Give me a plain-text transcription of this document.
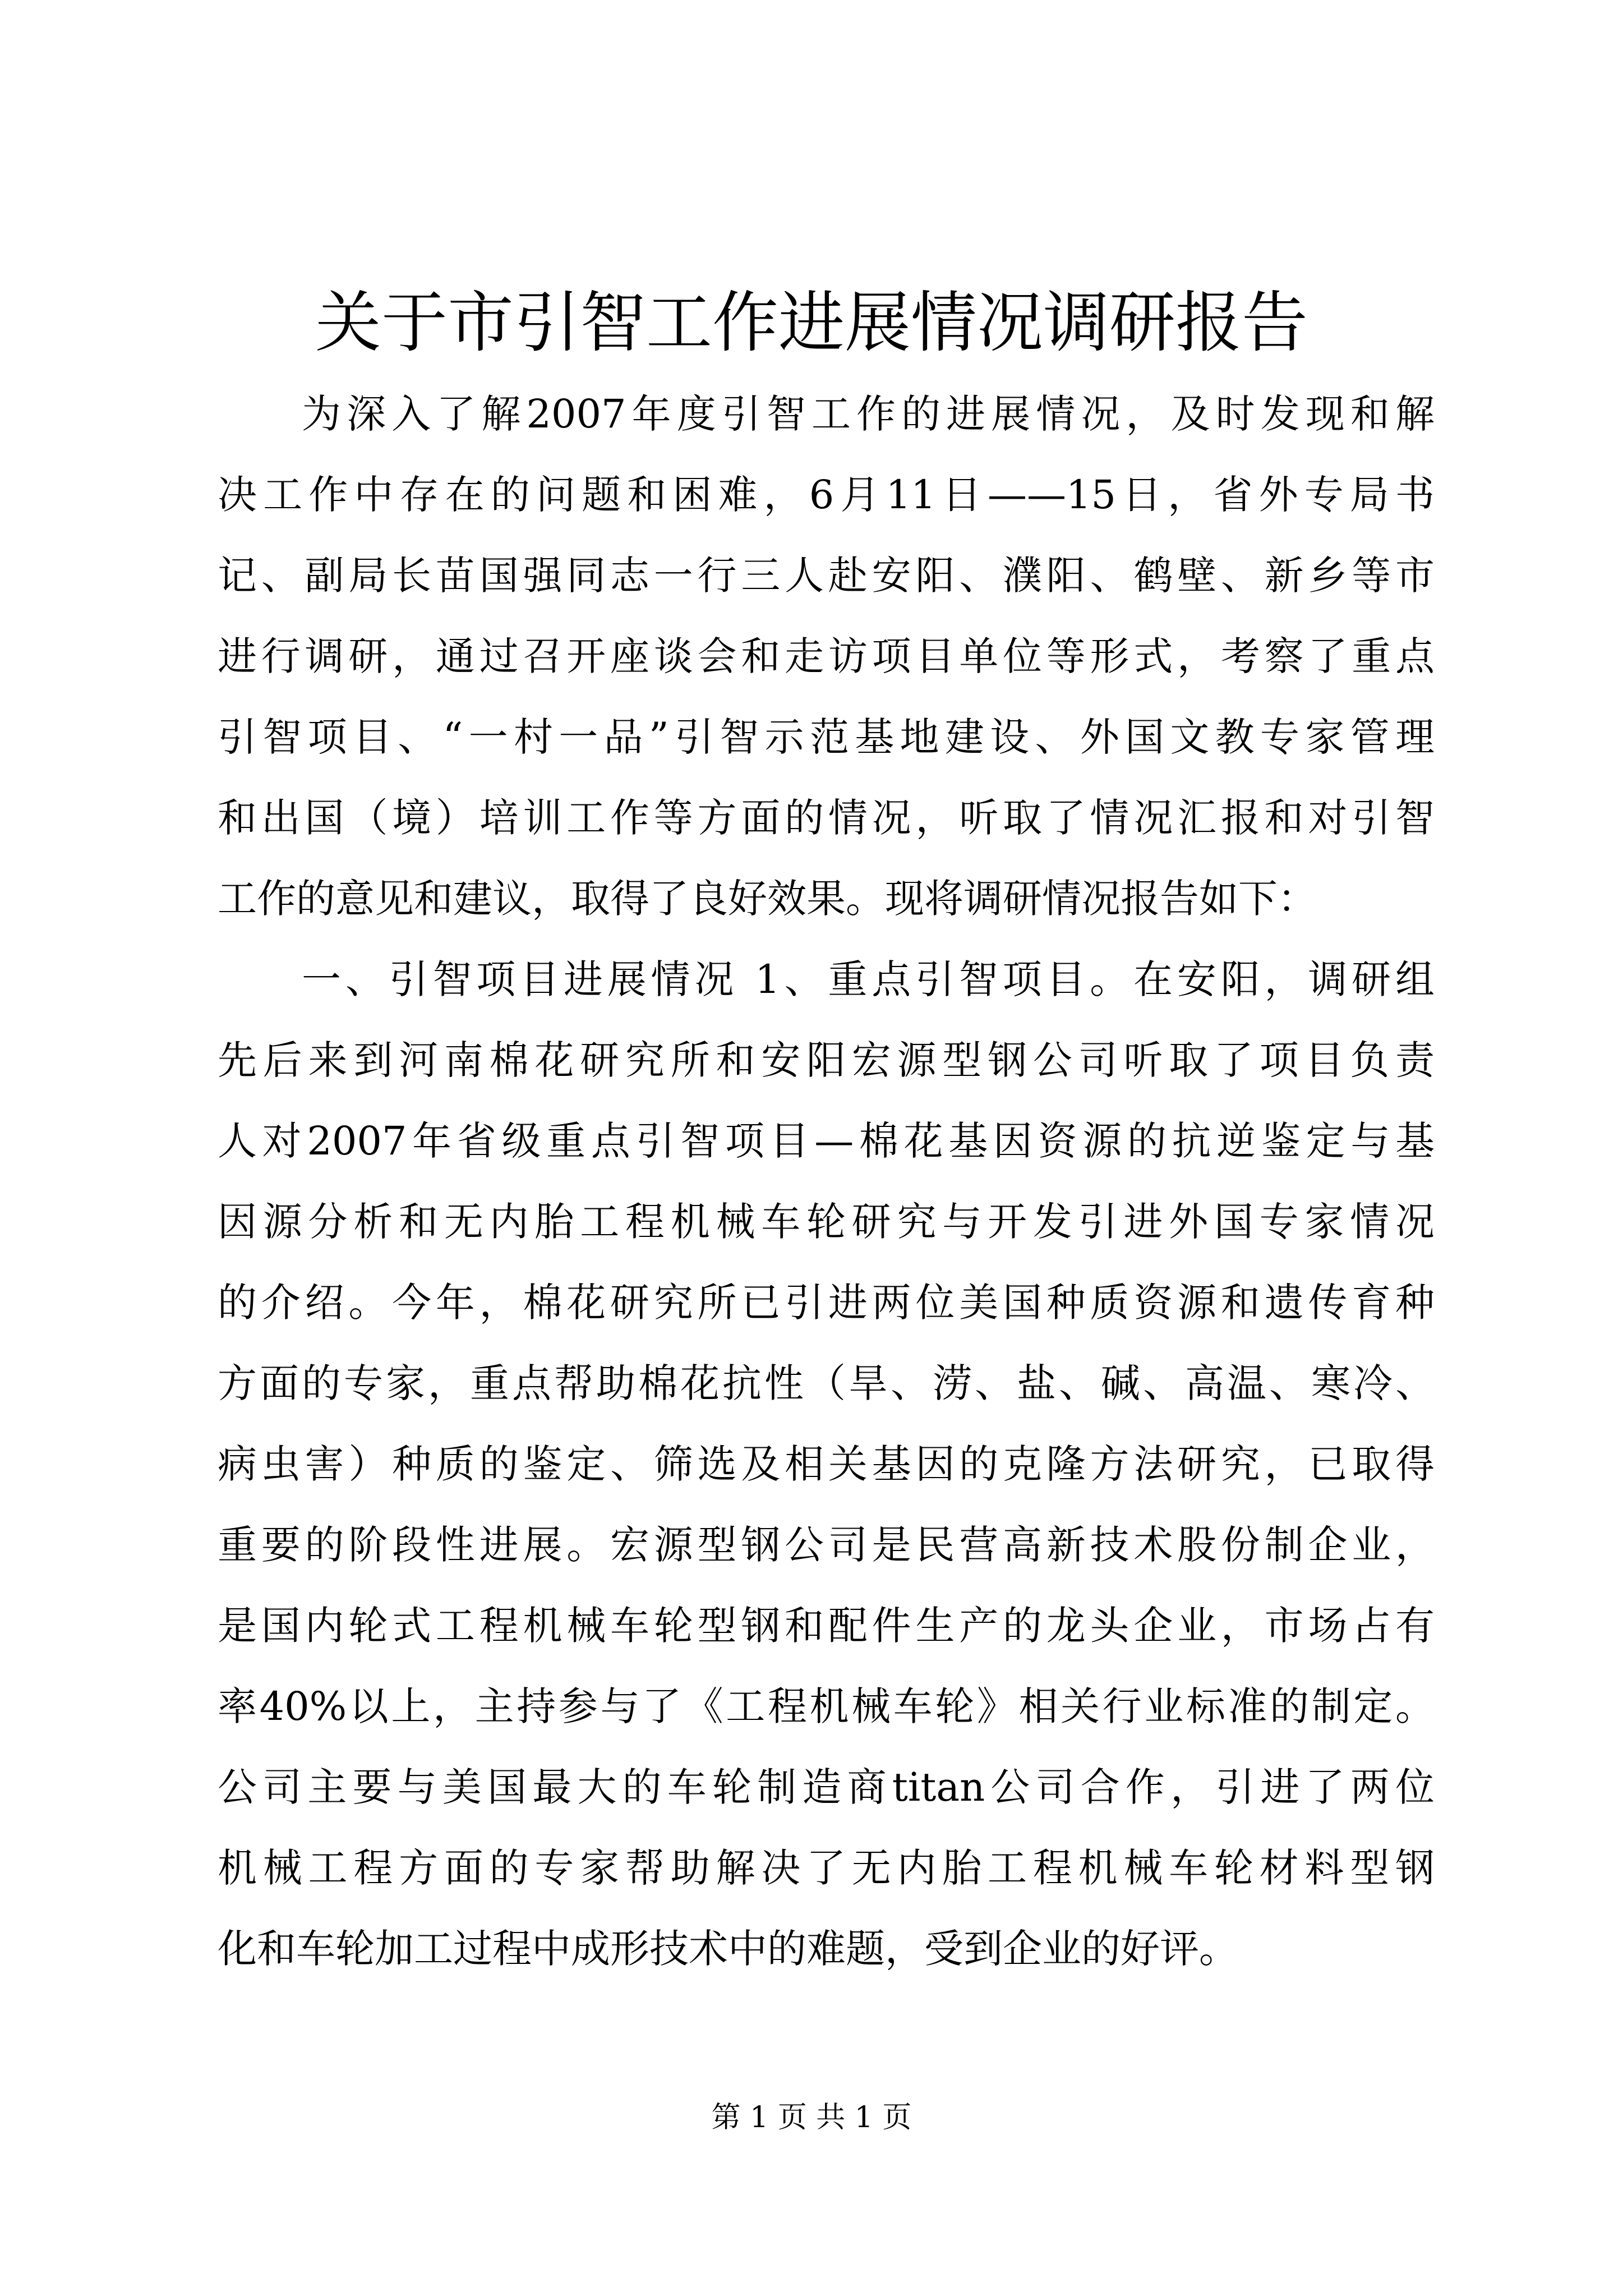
关于市引智工作进展情况调研报告
为深入了解2007年度引智工作的进展情况，及时发现和解
决工作中存在的问题和困难，6月11日——15日，省外专局书
记、副局长苗国强同志一行三人赴安阳、濮阳、鹤壁、新乡等市
进行调研，通过召开座谈会和走访项目单位等形式，考察了重点
引智项目、“一村一品”引智示范基地建设、外国文教专家管理
和出国（境）培训工作等方面的情况，听取了情况汇报和对引智
工作的意见和建议，取得了良好效果。现将调研情况报告如下：
一、引智项目进展情况 1、重点引智项目。在安阳，调研组
先后来到河南棉花研究所和安阳宏源型钢公司听取了项目负责
人对2007年省级重点引智项目—棉花基因资源的抗逆鉴定与基
因源分析和无内胎工程机械车轮研究与开发引进外国专家情况
的介绍。今年，棉花研究所已引进两位美国种质资源和遗传育种
方面的专家，重点帮助棉花抗性（旱、涝、盐、碱、高温、寒冷、
病虫害）种质的鉴定、筛选及相关基因的克隆方法研究，已取得
重要的阶段性进展。宏源型钢公司是民营高新技术股份制企业，
是国内轮式工程机械车轮型钢和配件生产的龙头企业，市场占有
率40%以上，主持参与了《工程机械车轮》相关行业标准的制定。
公司主要与美国最大的车轮制造商titan公司合作，引进了两位
机械工程方面的专家帮助解决了无内胎工程机械车轮材料型钢
化和车轮加工过程中成形技术中的难题，受到企业的好评。
第 1 页 共 1 页
